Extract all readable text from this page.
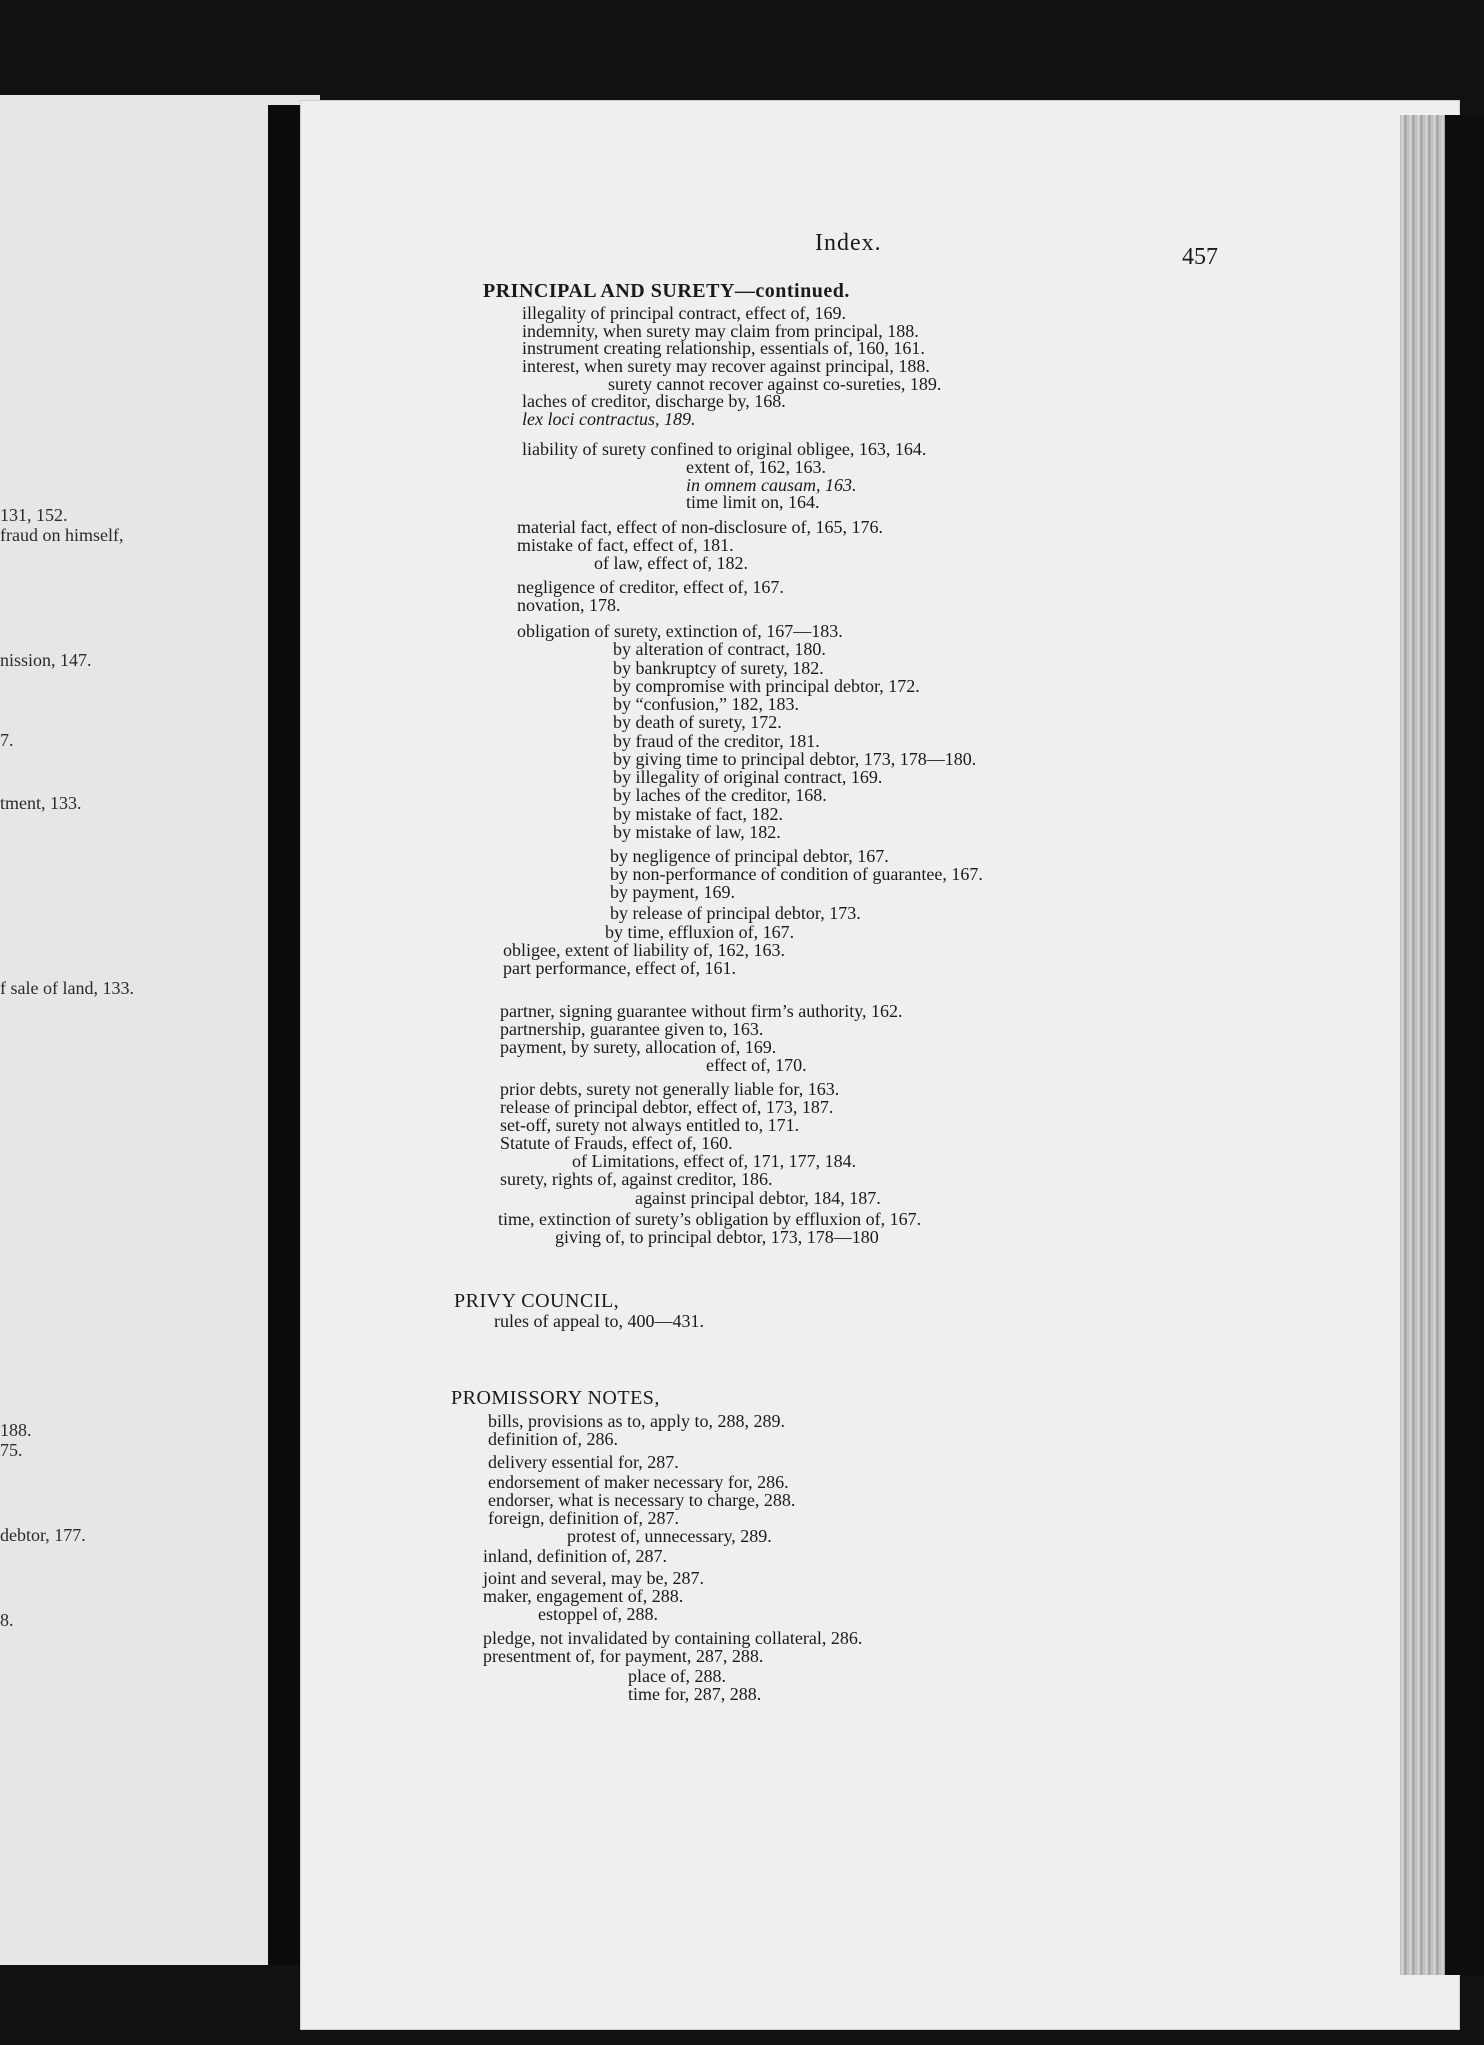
131, 152.
fraud on himself,
nission, 147.
7.
tment, 133.
f sale of land, 133.
188.
75.
debtor, 177.
8.
Index.
457
PRINCIPAL AND SURETY—continued.
illegality of principal contract, effect of, 169.
indemnity, when surety may claim from principal, 188.
instrument creating relationship, essentials of, 160, 161.
interest, when surety may recover against principal, 188.
surety cannot recover against co-sureties, 189.
laches of creditor, discharge by, 168.
lex loci contractus, 189.
liability of surety confined to original obligee, 163, 164.
extent of, 162, 163.
in omnem causam, 163.
time limit on, 164.
material fact, effect of non-disclosure of, 165, 176.
mistake of fact, effect of, 181.
of law, effect of, 182.
negligence of creditor, effect of, 167.
novation, 178.
obligation of surety, extinction of, 167—183.
by alteration of contract, 180.
by bankruptcy of surety, 182.
by compromise with principal debtor, 172.
by “confusion,” 182, 183.
by death of surety, 172.
by fraud of the creditor, 181.
by giving time to principal debtor, 173, 178—180.
by illegality of original contract, 169.
by laches of the creditor, 168.
by mistake of fact, 182.
by mistake of law, 182.
by negligence of principal debtor, 167.
by non-performance of condition of guarantee, 167.
by payment, 169.
by release of principal debtor, 173.
by time, effluxion of, 167.
obligee, extent of liability of, 162, 163.
part performance, effect of, 161.
partner, signing guarantee without firm’s authority, 162.
partnership, guarantee given to, 163.
payment, by surety, allocation of, 169.
effect of, 170.
prior debts, surety not generally liable for, 163.
release of principal debtor, effect of, 173, 187.
set-off, surety not always entitled to, 171.
Statute of Frauds, effect of, 160.
of Limitations, effect of, 171, 177, 184.
surety, rights of, against creditor, 186.
against principal debtor, 184, 187.
time, extinction of surety’s obligation by effluxion of, 167.
giving of, to principal debtor, 173, 178—180
PRIVY COUNCIL,
rules of appeal to, 400—431.
PROMISSORY NOTES,
bills, provisions as to, apply to, 288, 289.
definition of, 286.
delivery essential for, 287.
endorsement of maker necessary for, 286.
endorser, what is necessary to charge, 288.
foreign, definition of, 287.
protest of, unnecessary, 289.
inland, definition of, 287.
joint and several, may be, 287.
maker, engagement of, 288.
estoppel of, 288.
pledge, not invalidated by containing collateral, 286.
presentment of, for payment, 287, 288.
place of, 288.
time for, 287, 288.
